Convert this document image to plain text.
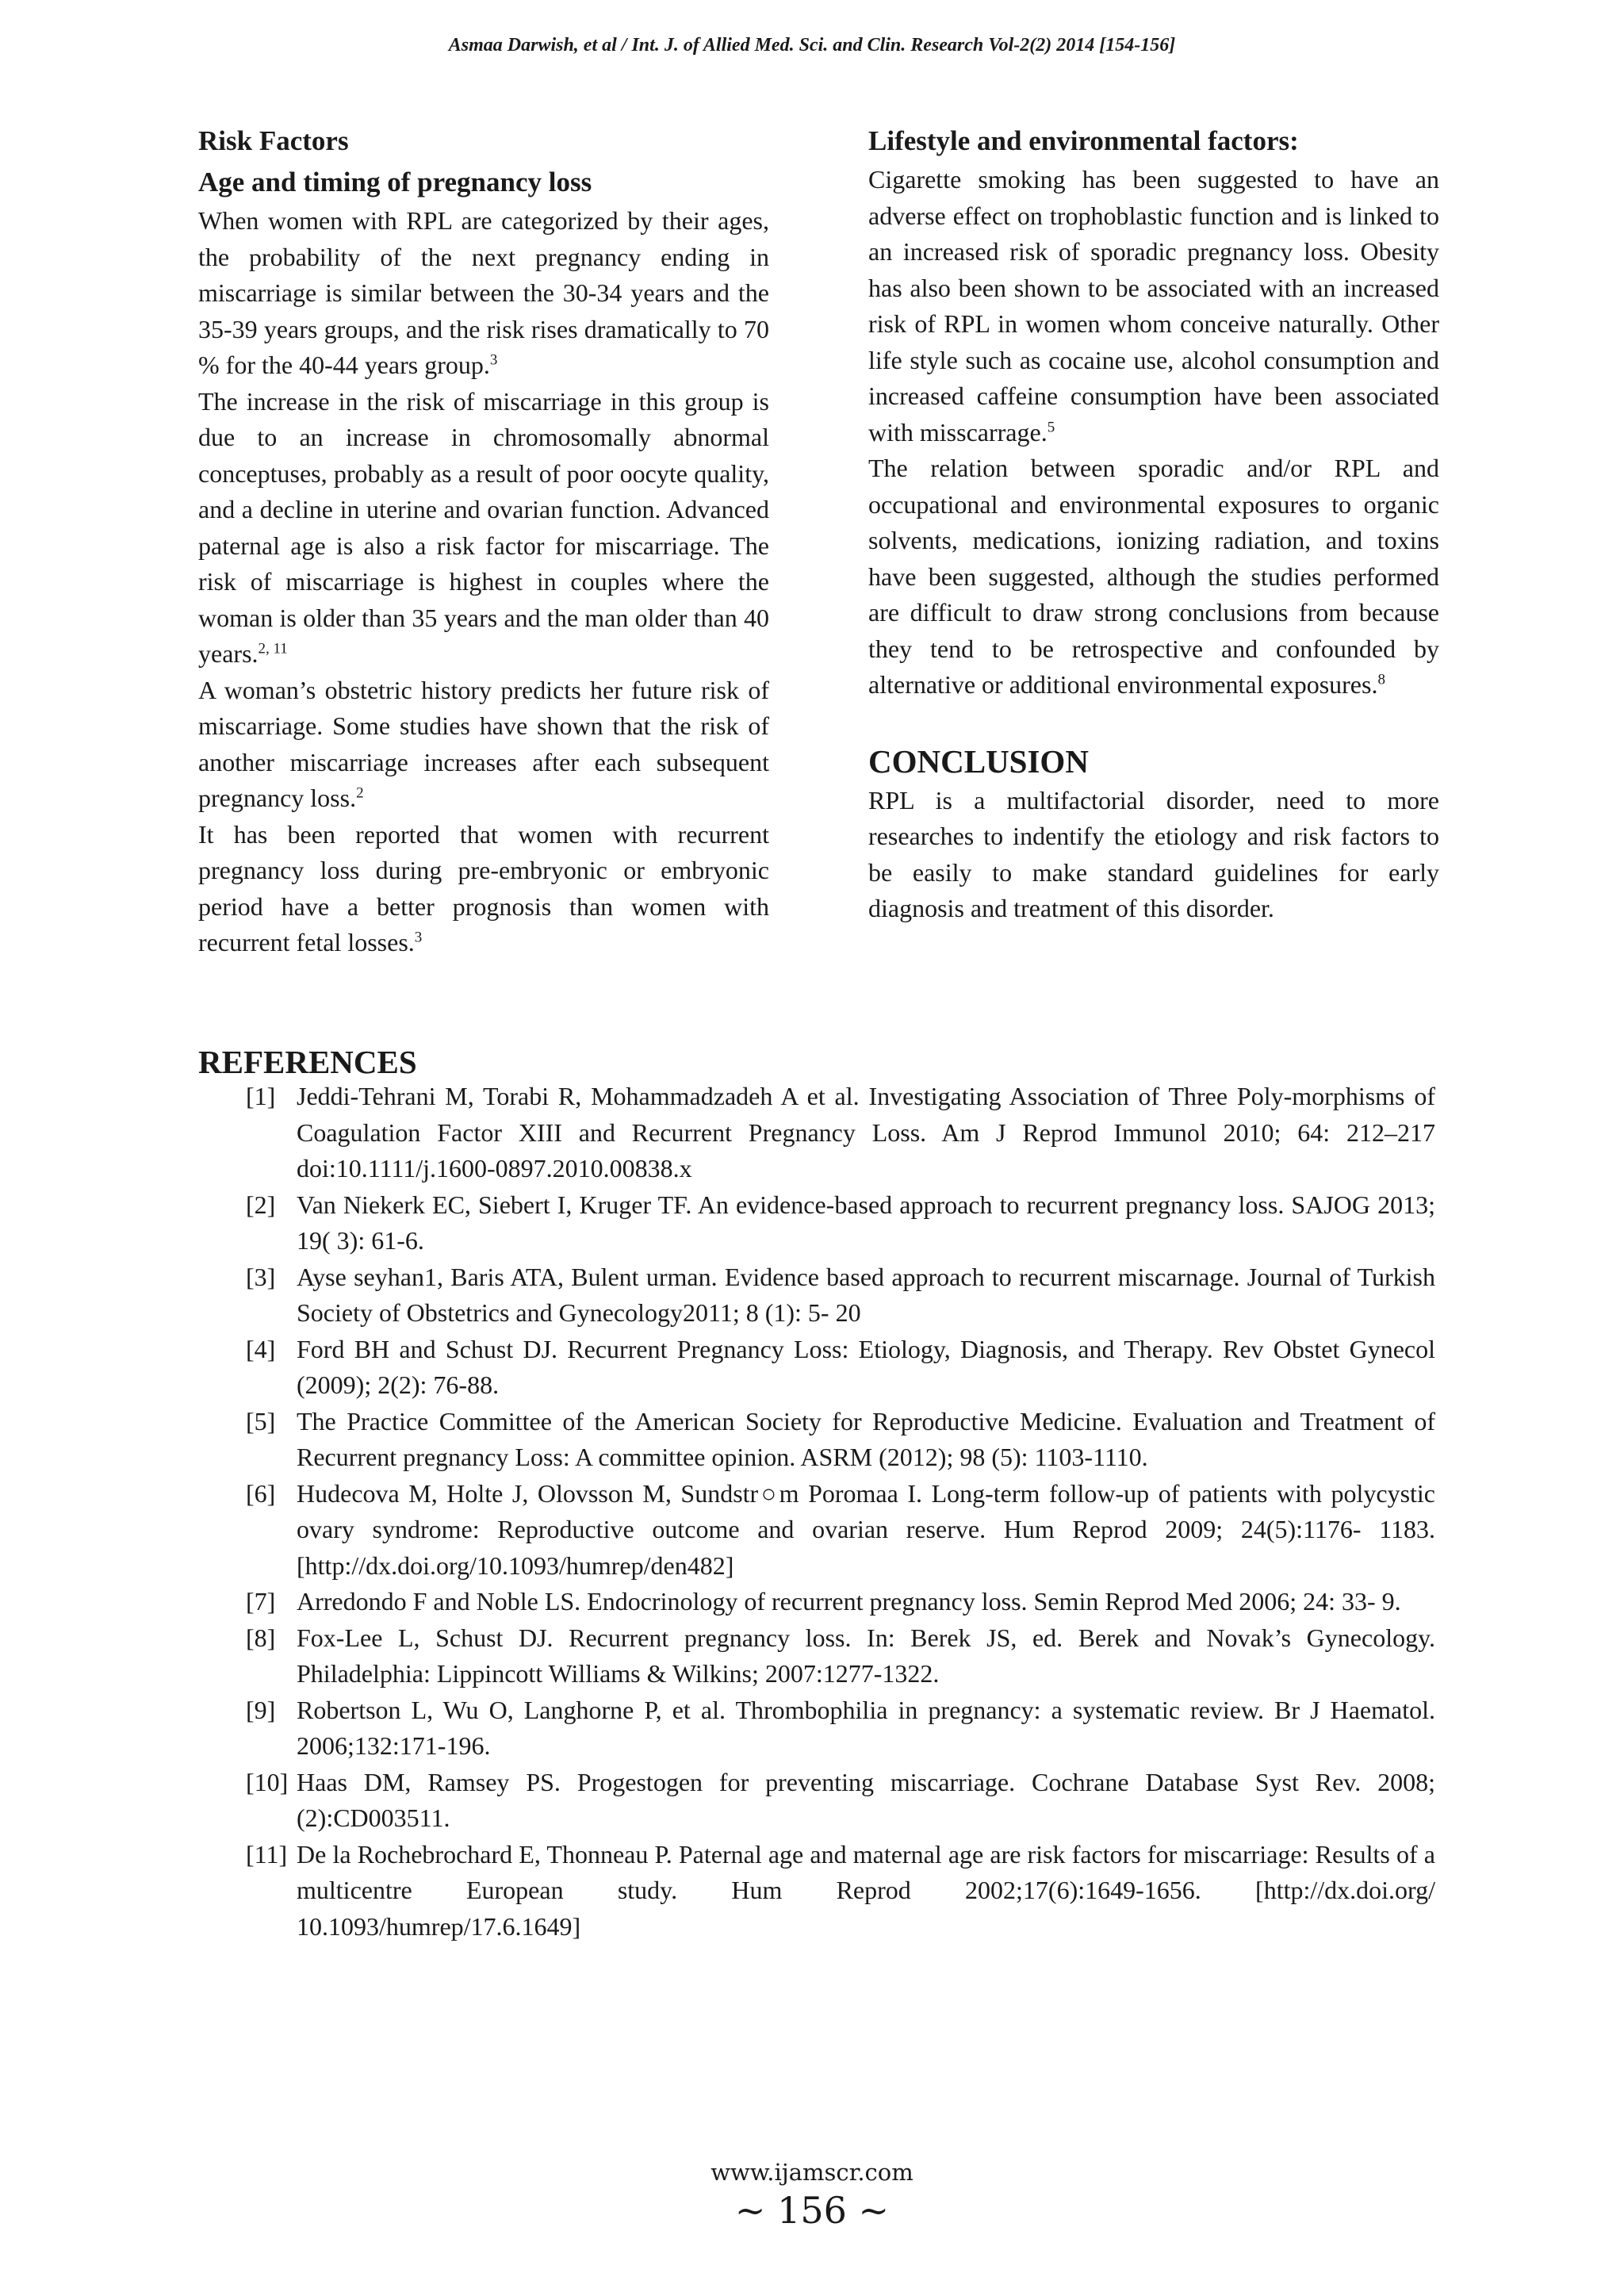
Asmaa Darwish, et al / Int. J. of Allied Med. Sci. and Clin. Research Vol-2(2) 2014 [154-156]
Risk Factors
Age and timing of pregnancy loss

When women with RPL are categorized by their ages, the probability of the next pregnancy ending in miscarriage is similar between the 30-34 years and the 35-39 years groups, and the risk rises dramatically to 70 % for the 40-44 years group.$^3$

The increase in the risk of miscarriage in this group is due to an increase in chromosomally abnormal conceptuses, probably as a result of poor oocyte quality, and a decline in uterine and ovarian function. Advanced paternal age is also a risk factor for miscarriage. The risk of miscarriage is highest in couples where the woman is older than 35 years and the man older than 40 years.$^{2, 11}$

A woman’s obstetric history predicts her future risk of miscarriage. Some studies have shown that the risk of another miscarriage increases after each subsequent pregnancy loss.$^2$

It has been reported that women with recurrent pregnancy loss during pre-embryonic or embryonic period have a better prognosis than women with recurrent fetal losses.$^3$

Lifestyle and environmental factors:

Cigarette smoking has been suggested to have an adverse effect on trophoblastic function and is linked to an increased risk of sporadic pregnancy loss. Obesity has also been shown to be associated with an increased risk of RPL in women whom conceive naturally. Other life style such as cocaine use, alcohol consumption and increased caffeine consumption have been associated with misscarrage.$^5$

The relation between sporadic and/or RPL and occupational and environmental exposures to organic solvents, medications, ionizing radiation, and toxins have been suggested, although the studies performed are difficult to draw strong conclusions from because they tend to be retrospective and confounded by alternative or additional environmental exposures.$^8$

CONCLUSION

RPL is a multifactorial disorder, need to more researches to indentify the etiology and risk factors to be easily to make standard guidelines for early diagnosis and treatment of this disorder.

REFERENCES
[1] Jeddi-Tehrani M, Torabi R, Mohammadzadeh A et al. Investigating Association of Three Poly-morphisms of Coagulation Factor XIII and Recurrent Pregnancy Loss. Am J Reprod Immunol 2010; 64: 212–217 doi:10.1111/j.1600-0897.2010.00838.x
[2] Van Niekerk EC, Siebert I, Kruger TF. An evidence-based approach to recurrent pregnancy loss. SAJOG 2013; 19( 3): 61-6.
[3] Ayse seyhan1, Baris ATA, Bulent urman. Evidence based approach to recurrent miscarnage. Journal of Turkish Society of Obstetrics and Gynecology2011; 8 (1): 5- 20
[4] Ford BH and Schust DJ. Recurrent Pregnancy Loss: Etiology, Diagnosis, and Therapy. Rev Obstet Gynecol (2009); 2(2): 76-88.
[5] The Practice Committee of the American Society for Reproductive Medicine. Evaluation and Treatment of Recurrent pregnancy Loss: A committee opinion. ASRM (2012); 98 (5): 1103-1110.
[6] Hudecova M, Holte J, Olovsson M, Sundstr○m Poromaa I. Long-term follow-up of patients with polycystic ovary syndrome: Reproductive outcome and ovarian reserve. Hum Reprod 2009; 24(5):1176- 1183. [http://dx.doi.org/10.1093/humrep/den482]
[7] Arredondo F and Noble LS. Endocrinology of recurrent pregnancy loss. Semin Reprod Med 2006; 24: 33- 9.
[8] Fox-Lee L, Schust DJ. Recurrent pregnancy loss. In: Berek JS, ed. Berek and Novak’s Gynecology. Philadelphia: Lippincott Williams & Wilkins; 2007:1277-1322.
[9] Robertson L, Wu O, Langhorne P, et al. Thrombophilia in pregnancy: a systematic review. Br J Haematol. 2006;132:171-196.
[10] Haas DM, Ramsey PS. Progestogen for preventing miscarriage. Cochrane Database Syst Rev. 2008;(2):CD003511.
[11] De la Rochebrochard E, Thonneau P. Paternal age and maternal age are risk factors for miscarriage: Results of a multicentre European study. Hum Reprod 2002;17(6):1649-1656. [http://dx.doi.org/ 10.1093/humrep/17.6.1649]
www.ijamscr.com
~ 156 ~
